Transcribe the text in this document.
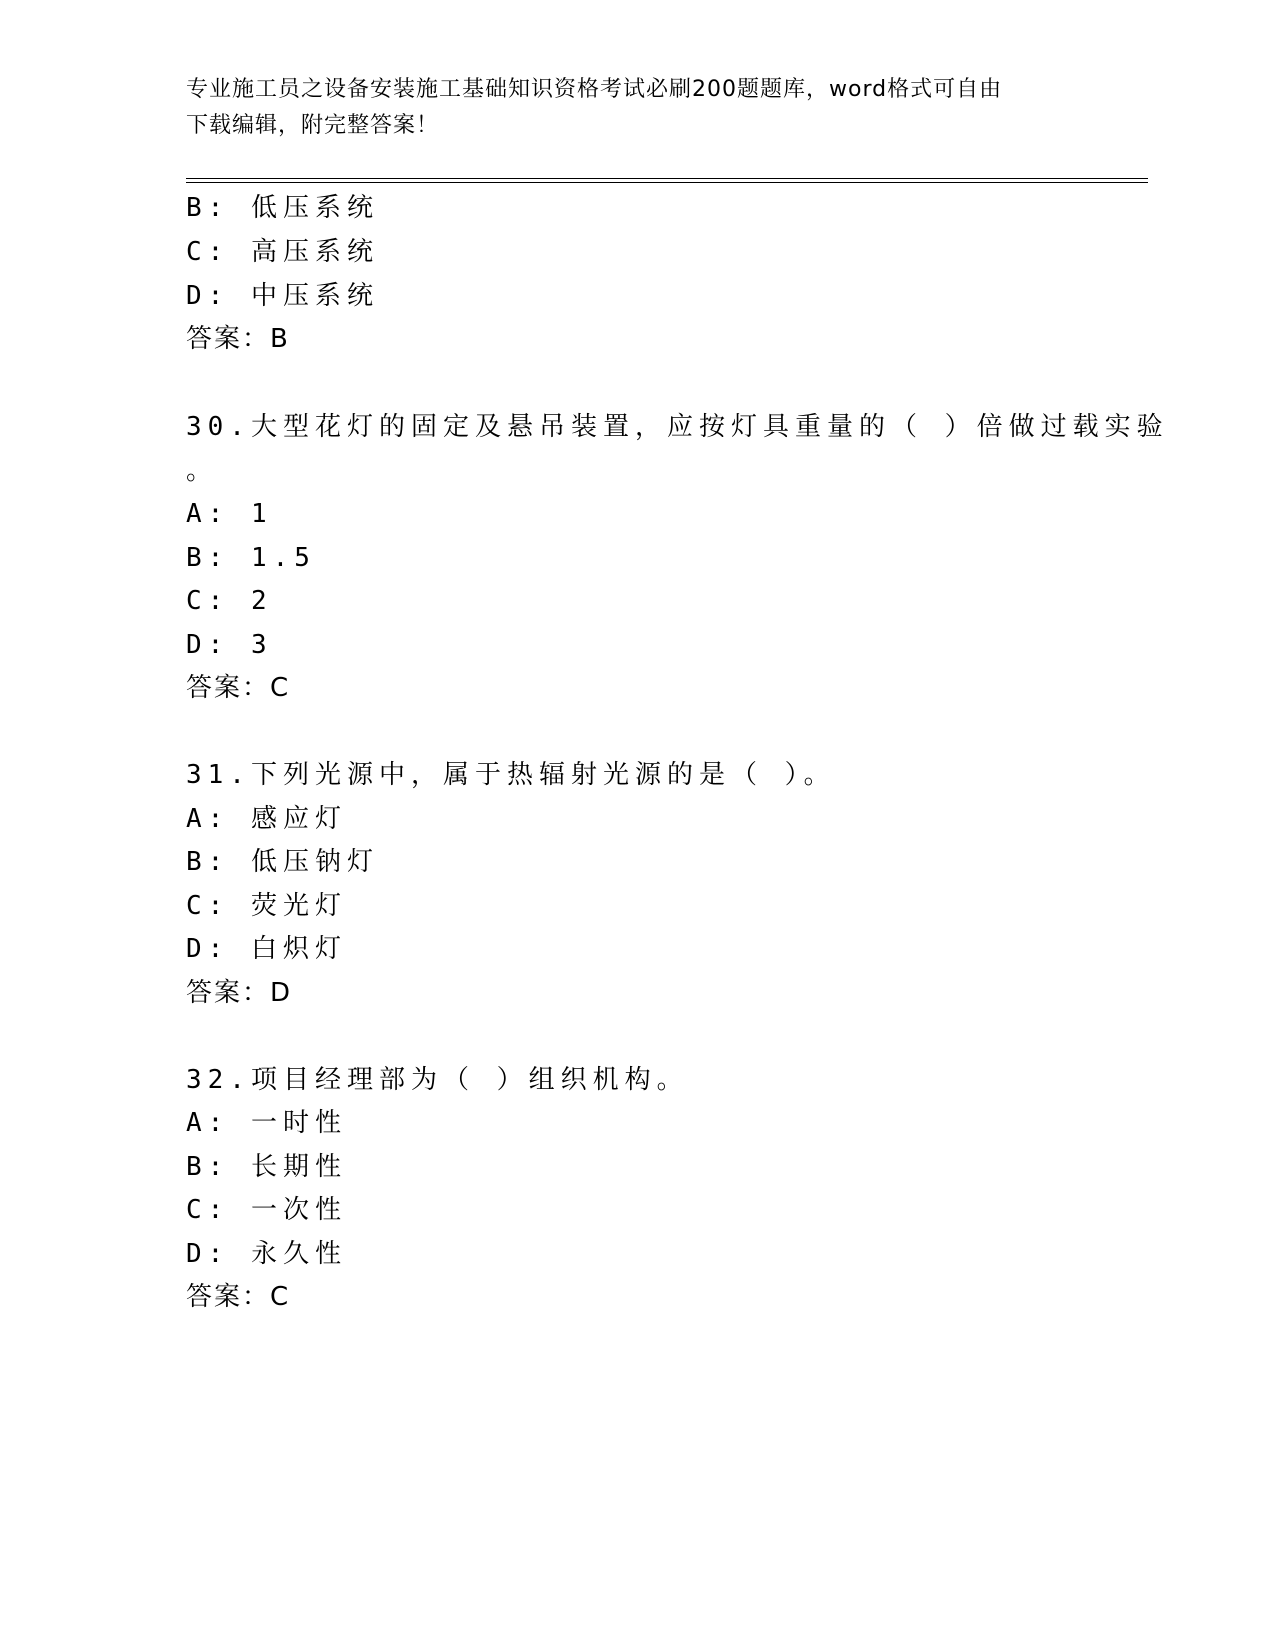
专业施工员之设备安装施工基础知识资格考试必刷200题题库，word格式可自由
下载编辑，附完整答案！
B: 低压系统
C: 高压系统
D: 中压系统
答案：B
30.大型花灯的固定及悬吊装置，应按灯具重量的（ ）倍做过载实验
。
A: 1
B: 1.5
C: 2
D: 3
答案：C
31.下列光源中，属于热辐射光源的是（ ）。
A: 感应灯
B: 低压钠灯
C: 荧光灯
D: 白炽灯
答案：D
32.项目经理部为（ ）组织机构。
A: 一时性
B: 长期性
C: 一次性
D: 永久性
答案：C
